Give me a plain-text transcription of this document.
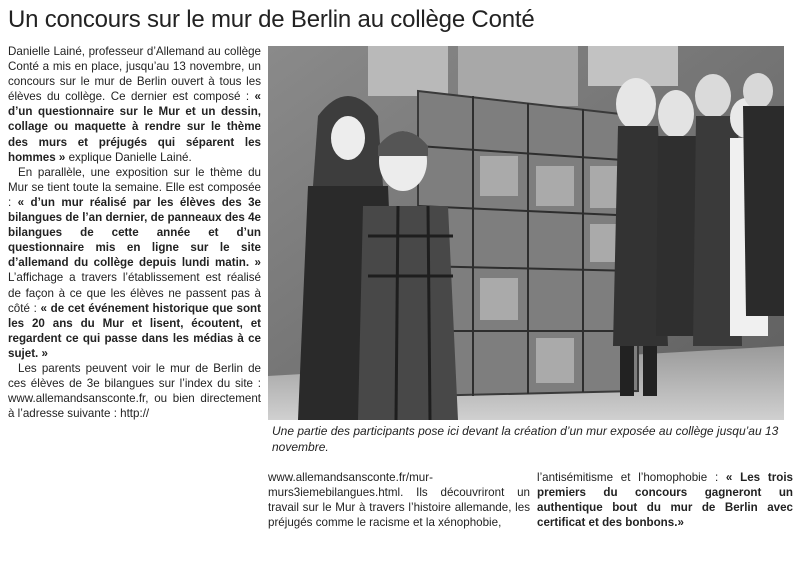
Un concours sur le mur de Berlin au collège Conté

Danielle Lainé, professeur d’Allemand au collège Conté a mis en place, jusqu’au 13 novembre, un concours sur le mur de Berlin ouvert à tous les élèves du collège. Ce dernier est composé : « d’un questionnaire sur le Mur et un dessin, collage ou maquette à rendre sur le thème des murs et préjugés qui séparent les hommes » explique Danielle Lainé.

En parallèle, une exposition sur le thème du Mur se tient toute la semaine. Elle est composée : « d’un mur réalisé par les élèves des 3e bilangues de l’an dernier, de panneaux des 4e bilangues de cette année et d’un questionnaire mis en ligne sur le site d’allemand du collège depuis lundi matin. » L’affichage a travers l’établissement est réalisé de façon à ce que les élèves ne passent pas à côté : « de cet événement historique que sont les 20 ans du Mur et lisent, écoutent, et regardent ce qui passe dans les médias à ce sujet. »

Les parents peuvent voir le mur de Berlin de ces élèves de 3e bilangues sur l’index du site : www.allemandsansconte.fr, ou bien directement à l’adresse suivante : http://

Une partie des participants pose ici devant la création d’un mur exposée au collège jusqu’au 13 novembre.

www.allemandsansconte.fr/mur-murs3iemebilangues.html. Ils découvriront un travail sur le Mur à travers l’histoire allemande, les préjugés comme le racisme et la xénophobie,

l’antisémitisme et l’homophobie : « Les trois premiers du concours gagneront un authentique bout du mur de Berlin avec certificat et des bonbons.»
